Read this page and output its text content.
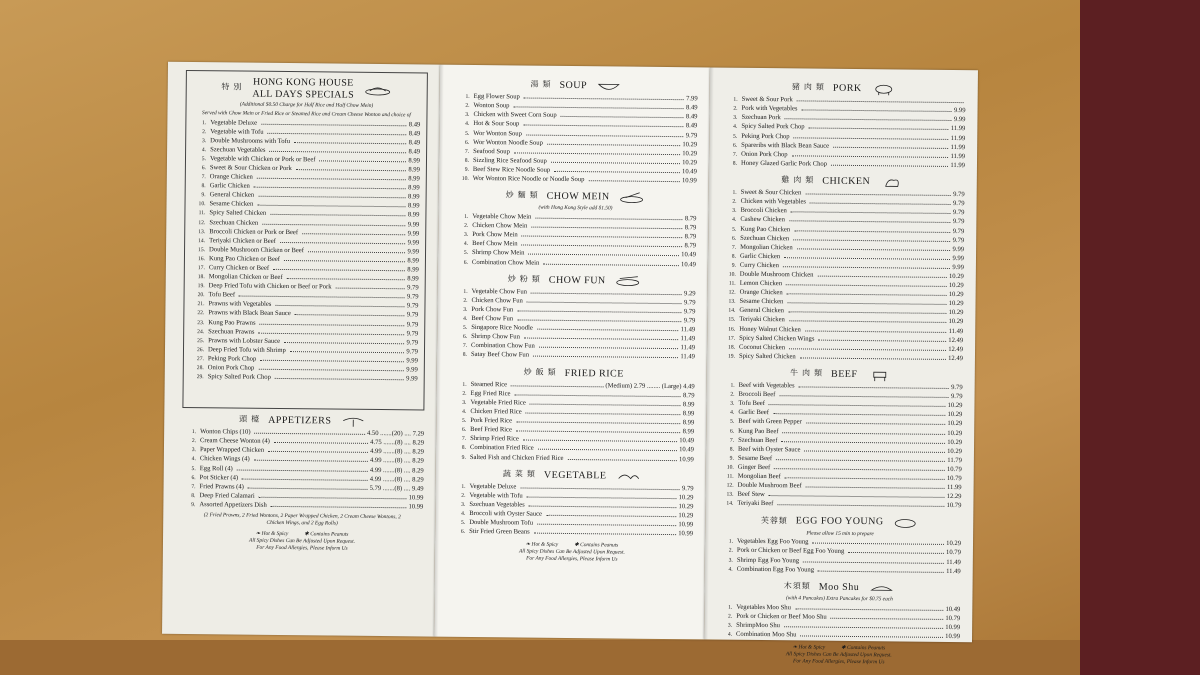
特 別 HONG KONG HOUSE
ALL DAYS SPECIALS
(Additional $0.50 Charge for Half Rice and Half Chow Mein)
Served with Chow Mein or Fried Rice or Steamed Rice and Cream Cheese Wonton and choice of
1. Vegetable Deluxe	8.49
2. Vegetable with Tofu	8.49
3. Double Mushrooms with Tofu	8.49
4. Szechuan Vegetables	8.49
5. Vegetable with Chicken or Pork or Beef	8.99
6. Sweet & Sour Chicken or Pork	8.99
7. Orange Chicken	8.99
8. Garlic Chicken	8.99
9. General Chicken	8.99
10. Sesame Chicken	8.99
11. Spicy Salted Chicken	8.99
12. Szechuan Chicken	9.99
13. Broccoli Chicken or Pork or Beef	9.99
14. Teriyaki Chicken or Beef	9.99
15. Double Mushroom Chicken or Beef	9.99
16. Kung Pao Chicken or Beef	8.99
17. Curry Chicken or Beef	8.99
18. Mongolian Chicken or Beef	8.99
19. Deep Fried Tofu with Chicken or Beef or Pork	9.79
20. Tofu Beef	9.79
21. Prawns with Vegetables	9.79
22. Prawns with Black Bean Sauce	9.79
23. Kung Pao Prawns	9.79
24. Szechuan Prawns	9.79
25. Prawns with Lobster Sauce	9.79
26. Deep Fried Tofu with Shrimp	9.79
27. Peking Pork Chop	9.99
28. Onion Pork Chop	9.99
29. Spicy Salted Pork Chop	9.99
頭 檯 APPETIZERS
1. Wonton Chips (10)	4.50 .......(20) .... 7.29
2. Cream Cheese Wonton (4)	4.75 .......(8) .... 8.29
3. Paper Wrapped Chicken	4.99 .......(8) .... 8.29
4. Chicken Wings (4)	4.99 .......(8) .... 8.29
5. Egg Roll (4)	4.99 .......(8) .... 8.29
6. Pot Sticker (4)	4.99 .......(8) .... 8.29
7. Fried Prawns (4)	5.79 .......(8) .... 9.49
8. Deep Fried Calamari	10.99
9. Assorted Appetizers Dish	10.99
(2 Fried Prawns, 2 Fried Wontons, 2 Paper Wrapped Chicken, 2 Cream Cheese Wontons, 2 Chicken Wings, and 2 Egg Rolls)
❧ Hot & Spicy	✱ Contains Peanuts
All Spicy Dishes Can Be Adjusted Upon Request.
For Any Food Allergies, Please Inform Us
湯 類 SOUP
1. Egg Flower Soup	7.99
2. Wonton Soup	8.49
3. Chicken with Sweet Corn Soup	8.49
4. Hot & Sour Soup	8.49
5. Wor Wonton Soup	9.79
6. Wor Wonton Noodle Soup	10.29
7. Seafood Soup	10.29
8. Sizzling Rice Seafood Soup	10.29
9. Beef Stew Rice Noodle Soup	10.49
10. Wor Wonton Rice Noodle or Noodle Soup	10.99
炒 麵 類 CHOW MEIN
(with Hong Kong Style add $1.50)
1. Vegetable Chow Mein	8.79
2. Chicken Chow Mein	8.79
3. Pork Chow Mein	8.79
4. Beef Chow Mein	8.79
5. Shrimp Chow Mein	10.49
6. Combination Chow Mein	10.49
炒 粉 類 CHOW FUN
1. Vegetable Chow Fun	9.29
2. Chicken Chow Fun	9.79
3. Pork Chow Fun	9.79
4. Beef Chow Fun	9.79
5. Singapore Rice Noodle	11.49
6. Shrimp Chow Fun	11.49
7. Combination Chow Fun	11.49
8. Satay Beef Chow Fun	11.49
炒 飯 類 FRIED RICE
1. Steamed Rice	(Medium) 2.79 ........ (Large) 4.49
2. Egg Fried Rice	8.79
3. Vegetable Fried Rice	8.99
4. Chicken Fried Rice	8.99
5. Pork Fried Rice	8.99
6. Beef Fried Rice	8.99
7. Shrimp Fried Rice	10.49
8. Combination Fried Rice	10.49
9. Salted Fish and Chicken Fried Rice	10.99
蔬 菜 類 VEGETABLE
1. Vegetable Deluxe	9.79
2. Vegetable with Tofu	10.29
3. Szechuan Vegetables	10.29
4. Broccoli with Oyster Sauce	10.29
5. Double Mushroom Tofu	10.99
6. Stir Fried Green Beans	10.99
❧ Hot & Spicy	✱ Contains Peanuts
All Spicy Dishes Can Be Adjusted Upon Request.
For Any Food Allergies, Please Inform Us
豬 肉 類 PORK
1. Sweet & Sour Pork
2. Pork with Vegetables	9.99
3. Szechuan Pork	9.99
4. Spicy Salted Pork Chop	11.99
5. Peking Pork Chop	11.99
6. Spareribs with Black Bean Sauce	11.99
7. Onion Pork Chop	11.99
8. Honey Glazed Garlic Pork Chop	11.99
雞 肉 類 CHICKEN
1. Sweet & Sour Chicken	9.79
2. Chicken with Vegetables	9.79
3. Broccoli Chicken	9.79
4. Cashew Chicken	9.79
5. Kung Pao Chicken	9.79
6. Szechuan Chicken	9.79
7. Mongolian Chicken	9.99
8. Garlic Chicken	9.99
9. Curry Chicken	9.99
10. Double Mushroom Chicken	10.29
11. Lemon Chicken	10.29
12. Orange Chicken	10.29
13. Sesame Chicken	10.29
14. General Chicken	10.29
15. Teriyaki Chicken	10.29
16. Honey Walnut Chicken	11.49
17. Spicy Salted Chicken Wings	12.49
18. Coconut Chicken	12.49
19. Spicy Salted Chicken	12.49
牛 肉 類 BEEF
1. Beef with Vegetables	9.79
2. Broccoli Beef	9.79
3. Tofu Beef	10.29
4. Garlic Beef	10.29
5. Beef with Green Pepper	10.29
6. Kung Pao Beef	10.29
7. Szechuan Beef	10.29
8. Beef with Oyster Sauce	10.29
9. Sesame Beef	11.79
10. Ginger Beef	10.79
11. Mongolian Beef	10.79
12. Double Mushroom Beef	11.99
13. Beef Stew	12.29
14. Teriyaki Beef	10.79
芙蓉類 EGG FOO YOUNG
Please allow 15 min to prepare
1. Vegetables Egg Foo Young	10.29
2. Pork or Chicken or Beef Egg Foo Young	10.79
3. Shrimp Egg Foo Young	11.49
4. Combination Egg Foo Young	11.49
木須類 Moo Shu
(with 4 Pancakes) Extra Pancakes for $0.75 each
1. Vegetables Moo Shu	10.49
2. Pork or Chicken or Beef Moo Shu	10.79
3. ShrimpMoo Shu	10.99
4. Combination Moo Shu	10.99
❧ Hot & Spicy	✱ Contains Peanuts
All Spicy Dishes Can Be Adjusted Upon Request.
For Any Food Allergies, Please Inform Us
